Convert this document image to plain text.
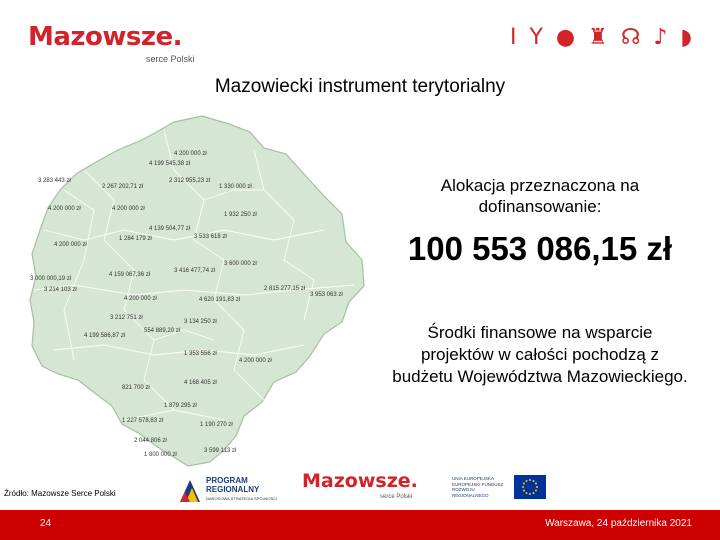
Mazowsze.
serce Polski
I Y ● ♜ ☊ ♪ ◗
Mazowiecki instrument terytorialny
4 200 000 zł
4 199 545,38 zł
3 283 443 zł
2 267 202,71 zł
2 312 955,23 zł
1 330 000 zł
4 200 000 zł
1 932 250 zł
4 139 504,77 zł
3 533 618 zł
4 200 000 zł
1 284 179 zł
4 200 000 zł
3 600 000 zł
3 000 000,19 zł
4 159 067,36 zł
3 416 477,74 zł
2 815 277,15 zł
3 214 103 zł
4 200 000 zł	4 620 191,83 zł
3 953 063 zł
3 212 751 zł
554 889,20 zł
3 134 250 zł
4 199 586,87 zł
1 353 556 zł
4 200 000 zł
821 700 zł
4 168 405 zł
1 879 295 zł
1 227 578,83 zł
1 190 270 zł
2 044 806 zł
1 800 000 zł
3 599 113 zł
Alokacja przeznaczona na dofinansowanie:
100 553 086,15 zł
Środki finansowe na wsparcie projektów w całości pochodzą z budżetu Województwa Mazowieckiego.
Źródło: Mazowsze Serce Polski
PROGRAM
REGIONALNY
NARODOWA STRATEGIA SPÓJNOŚCI
Mazowsze.
serce Polski
UNIA EUROPEJSKA EUROPEJSKI FUNDUSZ ROZWOJU REGIONALNEGO
24	Warszawa, 24 października 2021
